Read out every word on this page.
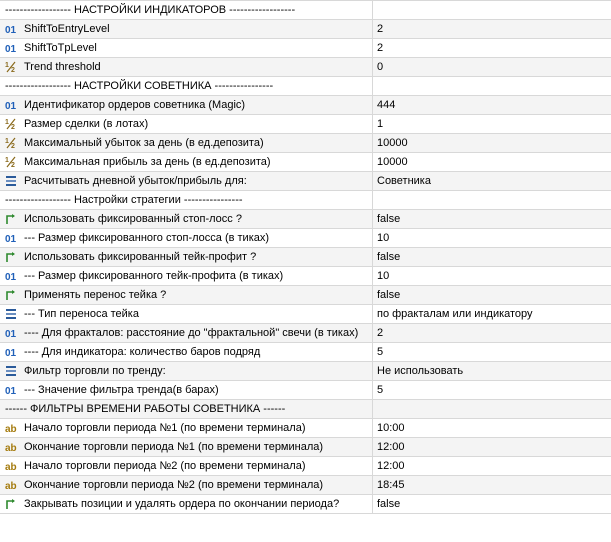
------------------ НАСТРОЙКИ ИНДИКАТОРОВ ------------------
01 ShiftToEntryLevel	2
01 ShiftToTpLevel	2
1
2 Trend threshold	0
------------------ НАСТРОЙКИ СОВЕТНИКА ----------------
01 Идентификатор ордеров советника (Magic)	444
1
2 Размер сделки (в лотах)	1
1
2 Максимальный убыток за день (в ед.депозита)	10000
1
2 Максимальная прибыль за день (в ед.депозита)	10000
Расчитывать дневной убыток/прибыль для:	Советника
------------------ Настройки стратегии ----------------
Использовать фиксированный стоп-лосс ?	false
01 --- Размер фиксированного стоп-лосса (в тиках)	10
Использовать фиксированный тейк-профит ?	false
01 --- Размер фиксированного тейк-профита (в тиках)	10
Применять перенос тейка ?	false
--- Тип переноса тейка	по фракталам или индикатору
01 ---- Для фракталов: расстояние до "фрактальной" свечи (в тиках) 2
01 ---- Для индикатора: количество баров подряд	5
Фильтр торговли по тренду:	Не использовать
01 --- Значение фильтра тренда(в барах)	5
------ ФИЛЬТРЫ ВРЕМЕНИ РАБОТЫ СОВЕТНИКА ------
ab Начало торговли периода №1 (по времени терминала)	10:00
ab Окончание торговли периода №1 (по времени терминала)	12:00
ab Начало торговли периода №2 (по времени терминала)	12:00
ab Окончание торговли периода №2 (по времени терминала)	18:45
Закрывать позиции и удалять ордера по окончании периода?	false
